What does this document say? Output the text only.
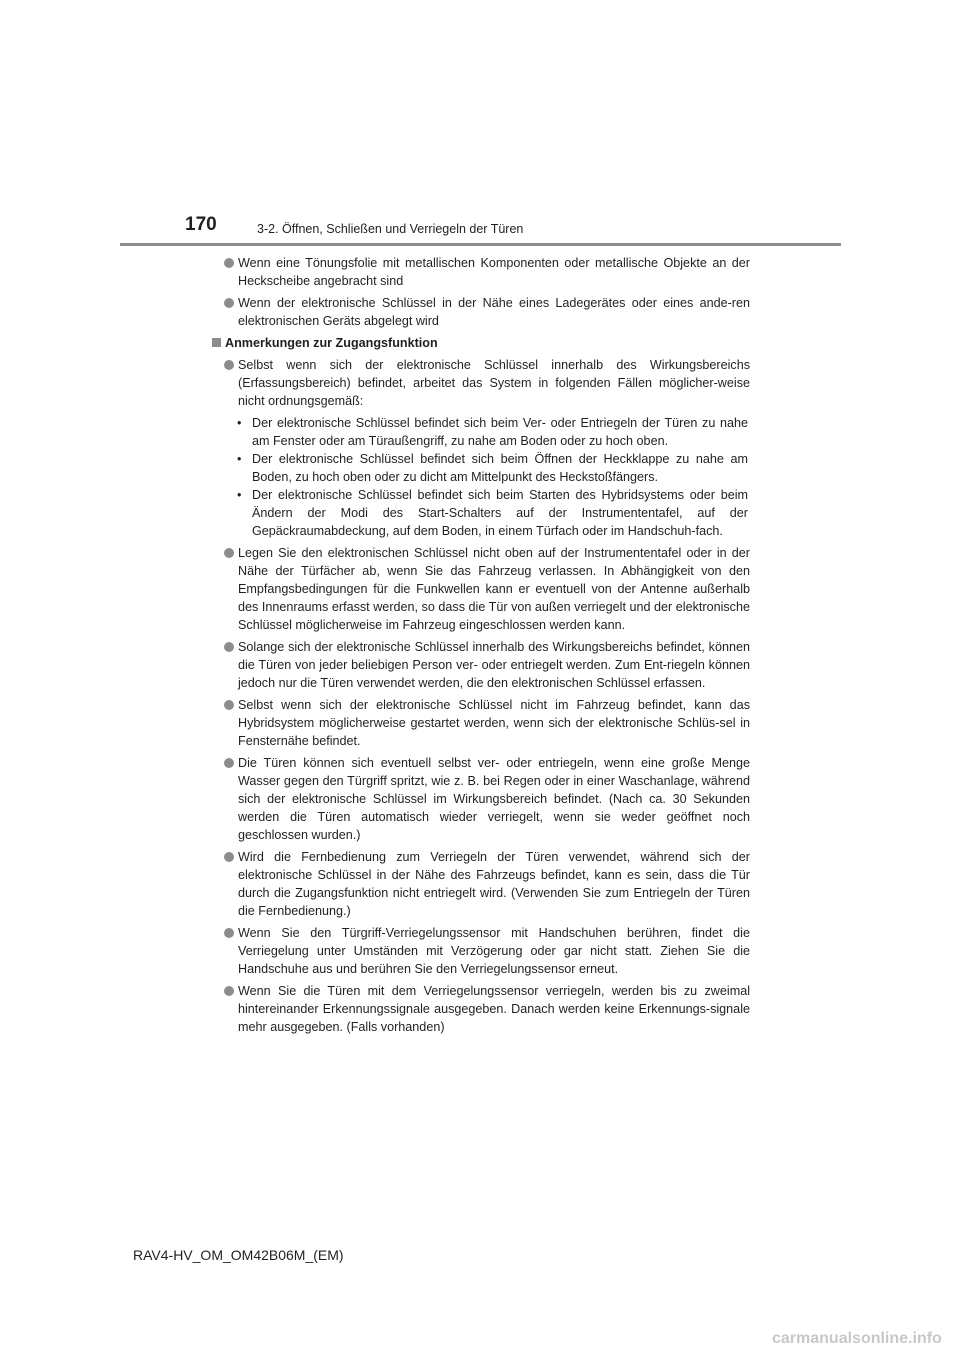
170	3-2. Öffnen, Schließen und Verriegeln der Türen
Wenn eine Tönungsfolie mit metallischen Komponenten oder metallische Objekte an der Heckscheibe angebracht sind
Wenn der elektronische Schlüssel in der Nähe eines Ladegerätes oder eines ande-ren elektronischen Geräts abgelegt wird
Anmerkungen zur Zugangsfunktion
Selbst wenn sich der elektronische Schlüssel innerhalb des Wirkungsbereichs (Erfassungsbereich) befindet, arbeitet das System in folgenden Fällen möglicher-weise nicht ordnungsgemäß:
• Der elektronische Schlüssel befindet sich beim Ver- oder Entriegeln der Türen zu nahe am Fenster oder am Türaußengriff, zu nahe am Boden oder zu hoch oben.
• Der elektronische Schlüssel befindet sich beim Öffnen der Heckklappe zu nahe am Boden, zu hoch oben oder zu dicht am Mittelpunkt des Heckstoßfängers.
• Der elektronische Schlüssel befindet sich beim Starten des Hybridsystems oder beim Ändern der Modi des Start-Schalters auf der Instrumententafel, auf der Gepäckraumabdeckung, auf dem Boden, in einem Türfach oder im Handschuh-fach.
Legen Sie den elektronischen Schlüssel nicht oben auf der Instrumententafel oder in der Nähe der Türfächer ab, wenn Sie das Fahrzeug verlassen. In Abhängigkeit von den Empfangsbedingungen für die Funkwellen kann er eventuell von der Antenne außerhalb des Innenraums erfasst werden, so dass die Tür von außen verriegelt und der elektronische Schlüssel möglicherweise im Fahrzeug eingeschlossen werden kann.
Solange sich der elektronische Schlüssel innerhalb des Wirkungsbereichs befindet, können die Türen von jeder beliebigen Person ver- oder entriegelt werden. Zum Ent-riegeln können jedoch nur die Türen verwendet werden, die den elektronischen Schlüssel erfassen.
Selbst wenn sich der elektronische Schlüssel nicht im Fahrzeug befindet, kann das Hybridsystem möglicherweise gestartet werden, wenn sich der elektronische Schlüs-sel in Fensternähe befindet.
Die Türen können sich eventuell selbst ver- oder entriegeln, wenn eine große Menge Wasser gegen den Türgriff spritzt, wie z. B. bei Regen oder in einer Waschanlage, während sich der elektronische Schlüssel im Wirkungsbereich befindet. (Nach ca. 30 Sekunden werden die Türen automatisch wieder verriegelt, wenn sie weder geöffnet noch geschlossen wurden.)
Wird die Fernbedienung zum Verriegeln der Türen verwendet, während sich der elektronische Schlüssel in der Nähe des Fahrzeugs befindet, kann es sein, dass die Tür durch die Zugangsfunktion nicht entriegelt wird. (Verwenden Sie zum Entriegeln der Türen die Fernbedienung.)
Wenn Sie den Türgriff-Verriegelungssensor mit Handschuhen berühren, findet die Verriegelung unter Umständen mit Verzögerung oder gar nicht statt. Ziehen Sie die Handschuhe aus und berühren Sie den Verriegelungssensor erneut.
Wenn Sie die Türen mit dem Verriegelungssensor verriegeln, werden bis zu zweimal hintereinander Erkennungssignale ausgegeben. Danach werden keine Erkennungs-signale mehr ausgegeben. (Falls vorhanden)
RAV4-HV_OM_OM42B06M_(EM)
carmanualsonline.info
